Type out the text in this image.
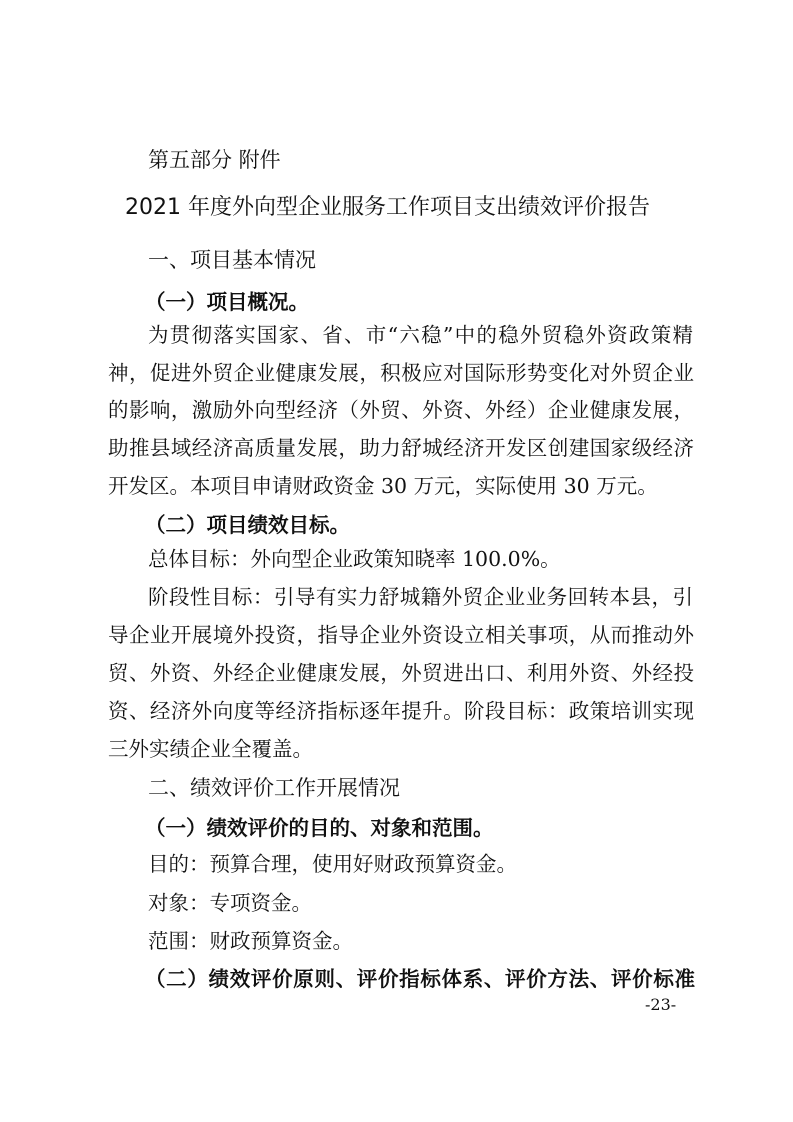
第五部分 附件
2021 年度外向型企业服务工作项目支出绩效评价报告
一、项目基本情况
（一）项目概况。
为贯彻落实国家、省、市“六稳”中的稳外贸稳外资政策精
神，促进外贸企业健康发展，积极应对国际形势变化对外贸企业
的影响，激励外向型经济（外贸、外资、外经）企业健康发展，
助推县域经济高质量发展，助力舒城经济开发区创建国家级经济
开发区。本项目申请财政资金 30 万元，实际使用 30 万元。
（二）项目绩效目标。
总体目标：外向型企业政策知晓率 100.0%。
阶段性目标：引导有实力舒城籍外贸企业业务回转本县，引
导企业开展境外投资，指导企业外资设立相关事项，从而推动外
贸、外资、外经企业健康发展，外贸进出口、利用外资、外经投
资、经济外向度等经济指标逐年提升。阶段目标：政策培训实现
三外实绩企业全覆盖。
二、绩效评价工作开展情况
（一）绩效评价的目的、对象和范围。
目的：预算合理，使用好财政预算资金。
对象：专项资金。
范围：财政预算资金。
（二）绩效评价原则、评价指标体系、评价方法、评价标准
-23-
